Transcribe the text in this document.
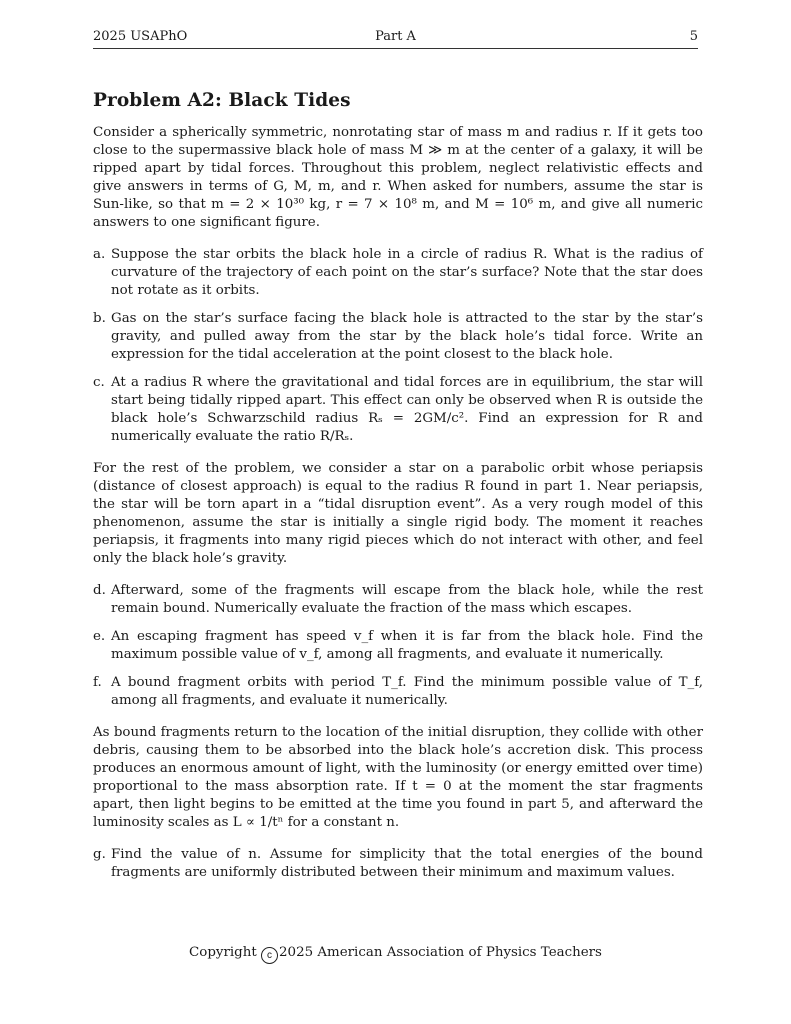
2025 USAPhO	Part A	5
Problem A2: Black Tides

Consider a spherically symmetric, nonrotating star of mass m and radius r. If it gets too close to the supermassive black hole of mass M ≫ m at the center of a galaxy, it will be ripped apart by tidal forces. Throughout this problem, neglect relativistic effects and give answers in terms of G, M, m, and r. When asked for numbers, assume the star is Sun-like, so that m = 2 × 10³⁰ kg, r = 7 × 10⁸ m, and M = 10⁶ m, and give all numeric answers to one significant figure.

a. Suppose the star orbits the black hole in a circle of radius R. What is the radius of curvature of the trajectory of each point on the star’s surface? Note that the star does not rotate as it orbits.
b. Gas on the star’s surface facing the black hole is attracted to the star by the star’s gravity, and pulled away from the star by the black hole’s tidal force. Write an expression for the tidal acceleration at the point closest to the black hole.
c. At a radius R where the gravitational and tidal forces are in equilibrium, the star will start being tidally ripped apart. This effect can only be observed when R is outside the black hole’s Schwarzschild radius Rₛ = 2GM/c². Find an expression for R and numerically evaluate the ratio R/Rₛ.

For the rest of the problem, we consider a star on a parabolic orbit whose periapsis (distance of closest approach) is equal to the radius R found in part 1. Near periapsis, the star will be torn apart in a “tidal disruption event”. As a very rough model of this phenomenon, assume the star is initially a single rigid body. The moment it reaches periapsis, it fragments into many rigid pieces which do not interact with other, and feel only the black hole’s gravity.

d. Afterward, some of the fragments will escape from the black hole, while the rest remain bound. Numerically evaluate the fraction of the mass which escapes.
e. An escaping fragment has speed v_f when it is far from the black hole. Find the maximum possible value of v_f, among all fragments, and evaluate it numerically.
f. A bound fragment orbits with period T_f. Find the minimum possible value of T_f, among all fragments, and evaluate it numerically.

As bound fragments return to the location of the initial disruption, they collide with other debris, causing them to be absorbed into the black hole’s accretion disk. This process produces an enormous amount of light, with the luminosity (or energy emitted over time) proportional to the mass absorption rate. If t = 0 at the moment the star fragments apart, then light begins to be emitted at the time you found in part 5, and afterward the luminosity scales as L ∝ 1/tⁿ for a constant n.

g. Find the value of n. Assume for simplicity that the total energies of the bound fragments are uniformly distributed between their minimum and maximum values.
Copyright c 2025 American Association of Physics Teachers
